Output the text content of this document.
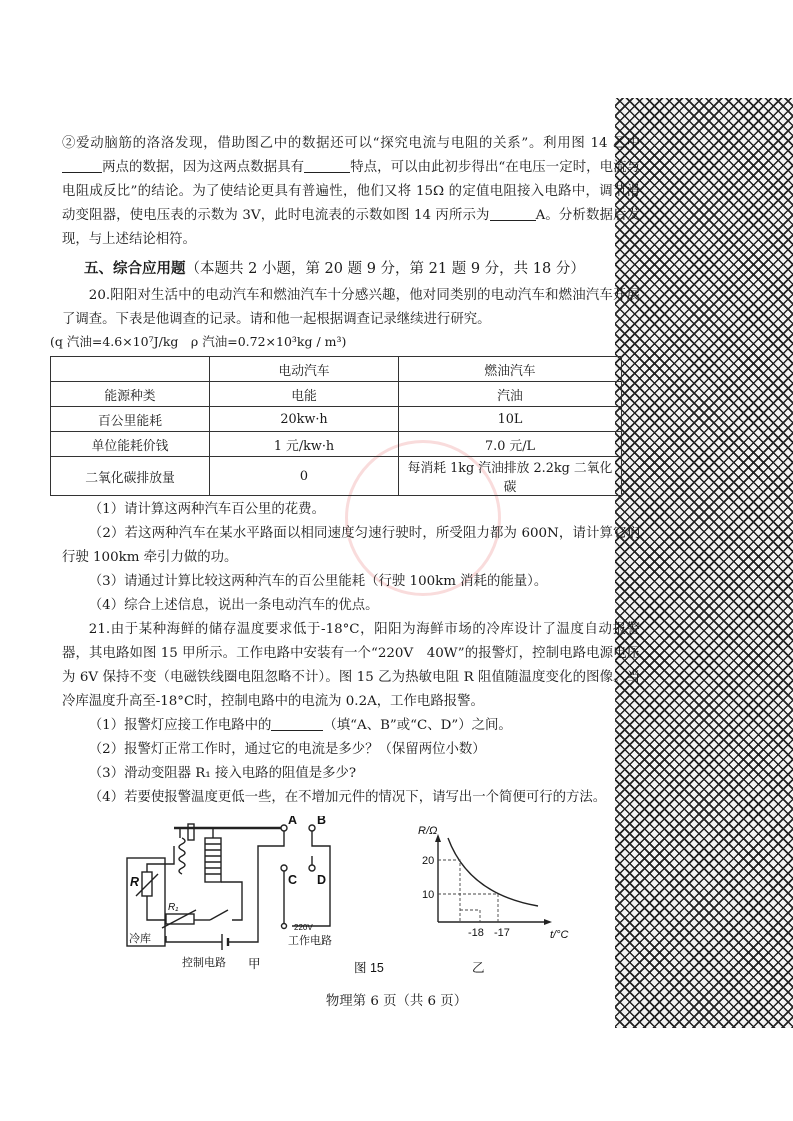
②爱动脑筋的洛洛发现，借助图乙中的数据还可以“探究电流与电阻的关系”。利用图 14 乙中两点的数据，因为这两点数据具有	特点，可以由此初步得出“在电压一定时，电流与电阻成反比”的结论。为了使结论更具有普遍性，他们又将 15Ω 的定值电阻接入电路中，调节滑动变阻器，使电压表的示数为 3V，此时电流表的示数如图 14 丙所示为	A。分析数据后发现，与上述结论相符。

五、综合应用题（本题共 2 小题，第 20 题 9 分，第 21 题 9 分，共 18 分）

20.阳阳对生活中的电动汽车和燃油汽车十分感兴趣，他对同类别的电动汽车和燃油汽车开展了调查。下表是他调查的记录。请和他一起根据调查记录继续进行研究。

(q 汽油=4.6×10⁷J/kg　ρ 汽油=0.72×10³kg / m³)

	电动汽车	燃油汽车
能源种类	电能	汽油
百公里能耗	20kw·h	10L
单位能耗价钱	1 元/kw·h	7.0 元/L
二氧化碳排放量	0	每消耗 1kg 汽油排放 2.2kg 二氧化碳

（1）请计算这两种汽车百公里的花费。

（2）若这两种汽车在某水平路面以相同速度匀速行驶时，所受阻力都为 600N，请计算它们行驶 100km 牵引力做的功。

（3）请通过计算比较这两种汽车的百公里能耗（行驶 100km 消耗的能量）。

（4）综合上述信息，说出一条电动汽车的优点。

21.由于某种海鲜的储存温度要求低于-18°C，阳阳为海鲜市场的冷库设计了温度自动报警器，其电路如图 15 甲所示。工作电路中安装有一个“220V　40W”的报警灯，控制电路电源电压为 6V 保持不变（电磁铁线圈电阻忽略不计）。图 15 乙为热敏电阻 R 阻值随温度变化的图像。当冷库温度升高至-18°C时，控制电路中的电流为 0.2A，工作电路报警。

（1）报警灯应接工作电路中的	（填“A、B”或“C、D”）之间。

（2）报警灯正常工作时，通过它的电流是多少？（保留两位小数）

（3）滑动变阻器 R₁ 接入电路的阻值是多少?

（4）若要使报警温度更低一些，在不增加元件的情况下，请写出一个简便可行的方法。

A B
C D
R
R₁
220V
工作电路
控制电路
冷库
R/Ω
t/°C
20
10
-18 -17
甲	图 15	乙
物理第 6 页（共 6 页）
